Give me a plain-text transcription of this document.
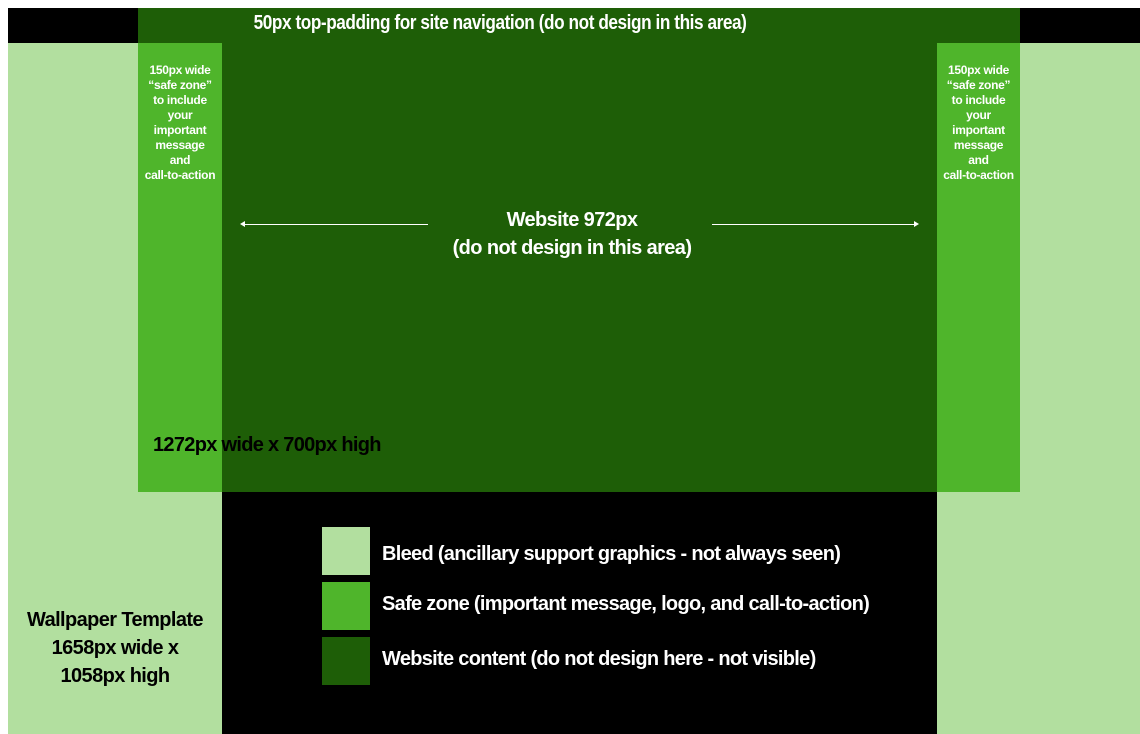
50px top-padding for site navigation (do not design in this area)
150px wide
“safe zone”
to include
your
important
message
and
call-to-action
150px wide
“safe zone”
to include
your
important
message
and
call-to-action
Website 972px
(do not design in this area)
1272px wide x 700px high
Wallpaper Template
1658px wide x
1058px high
Bleed (ancillary support graphics - not always seen)
Safe zone (important message, logo, and call-to-action)
Website content (do not design here - not visible)
